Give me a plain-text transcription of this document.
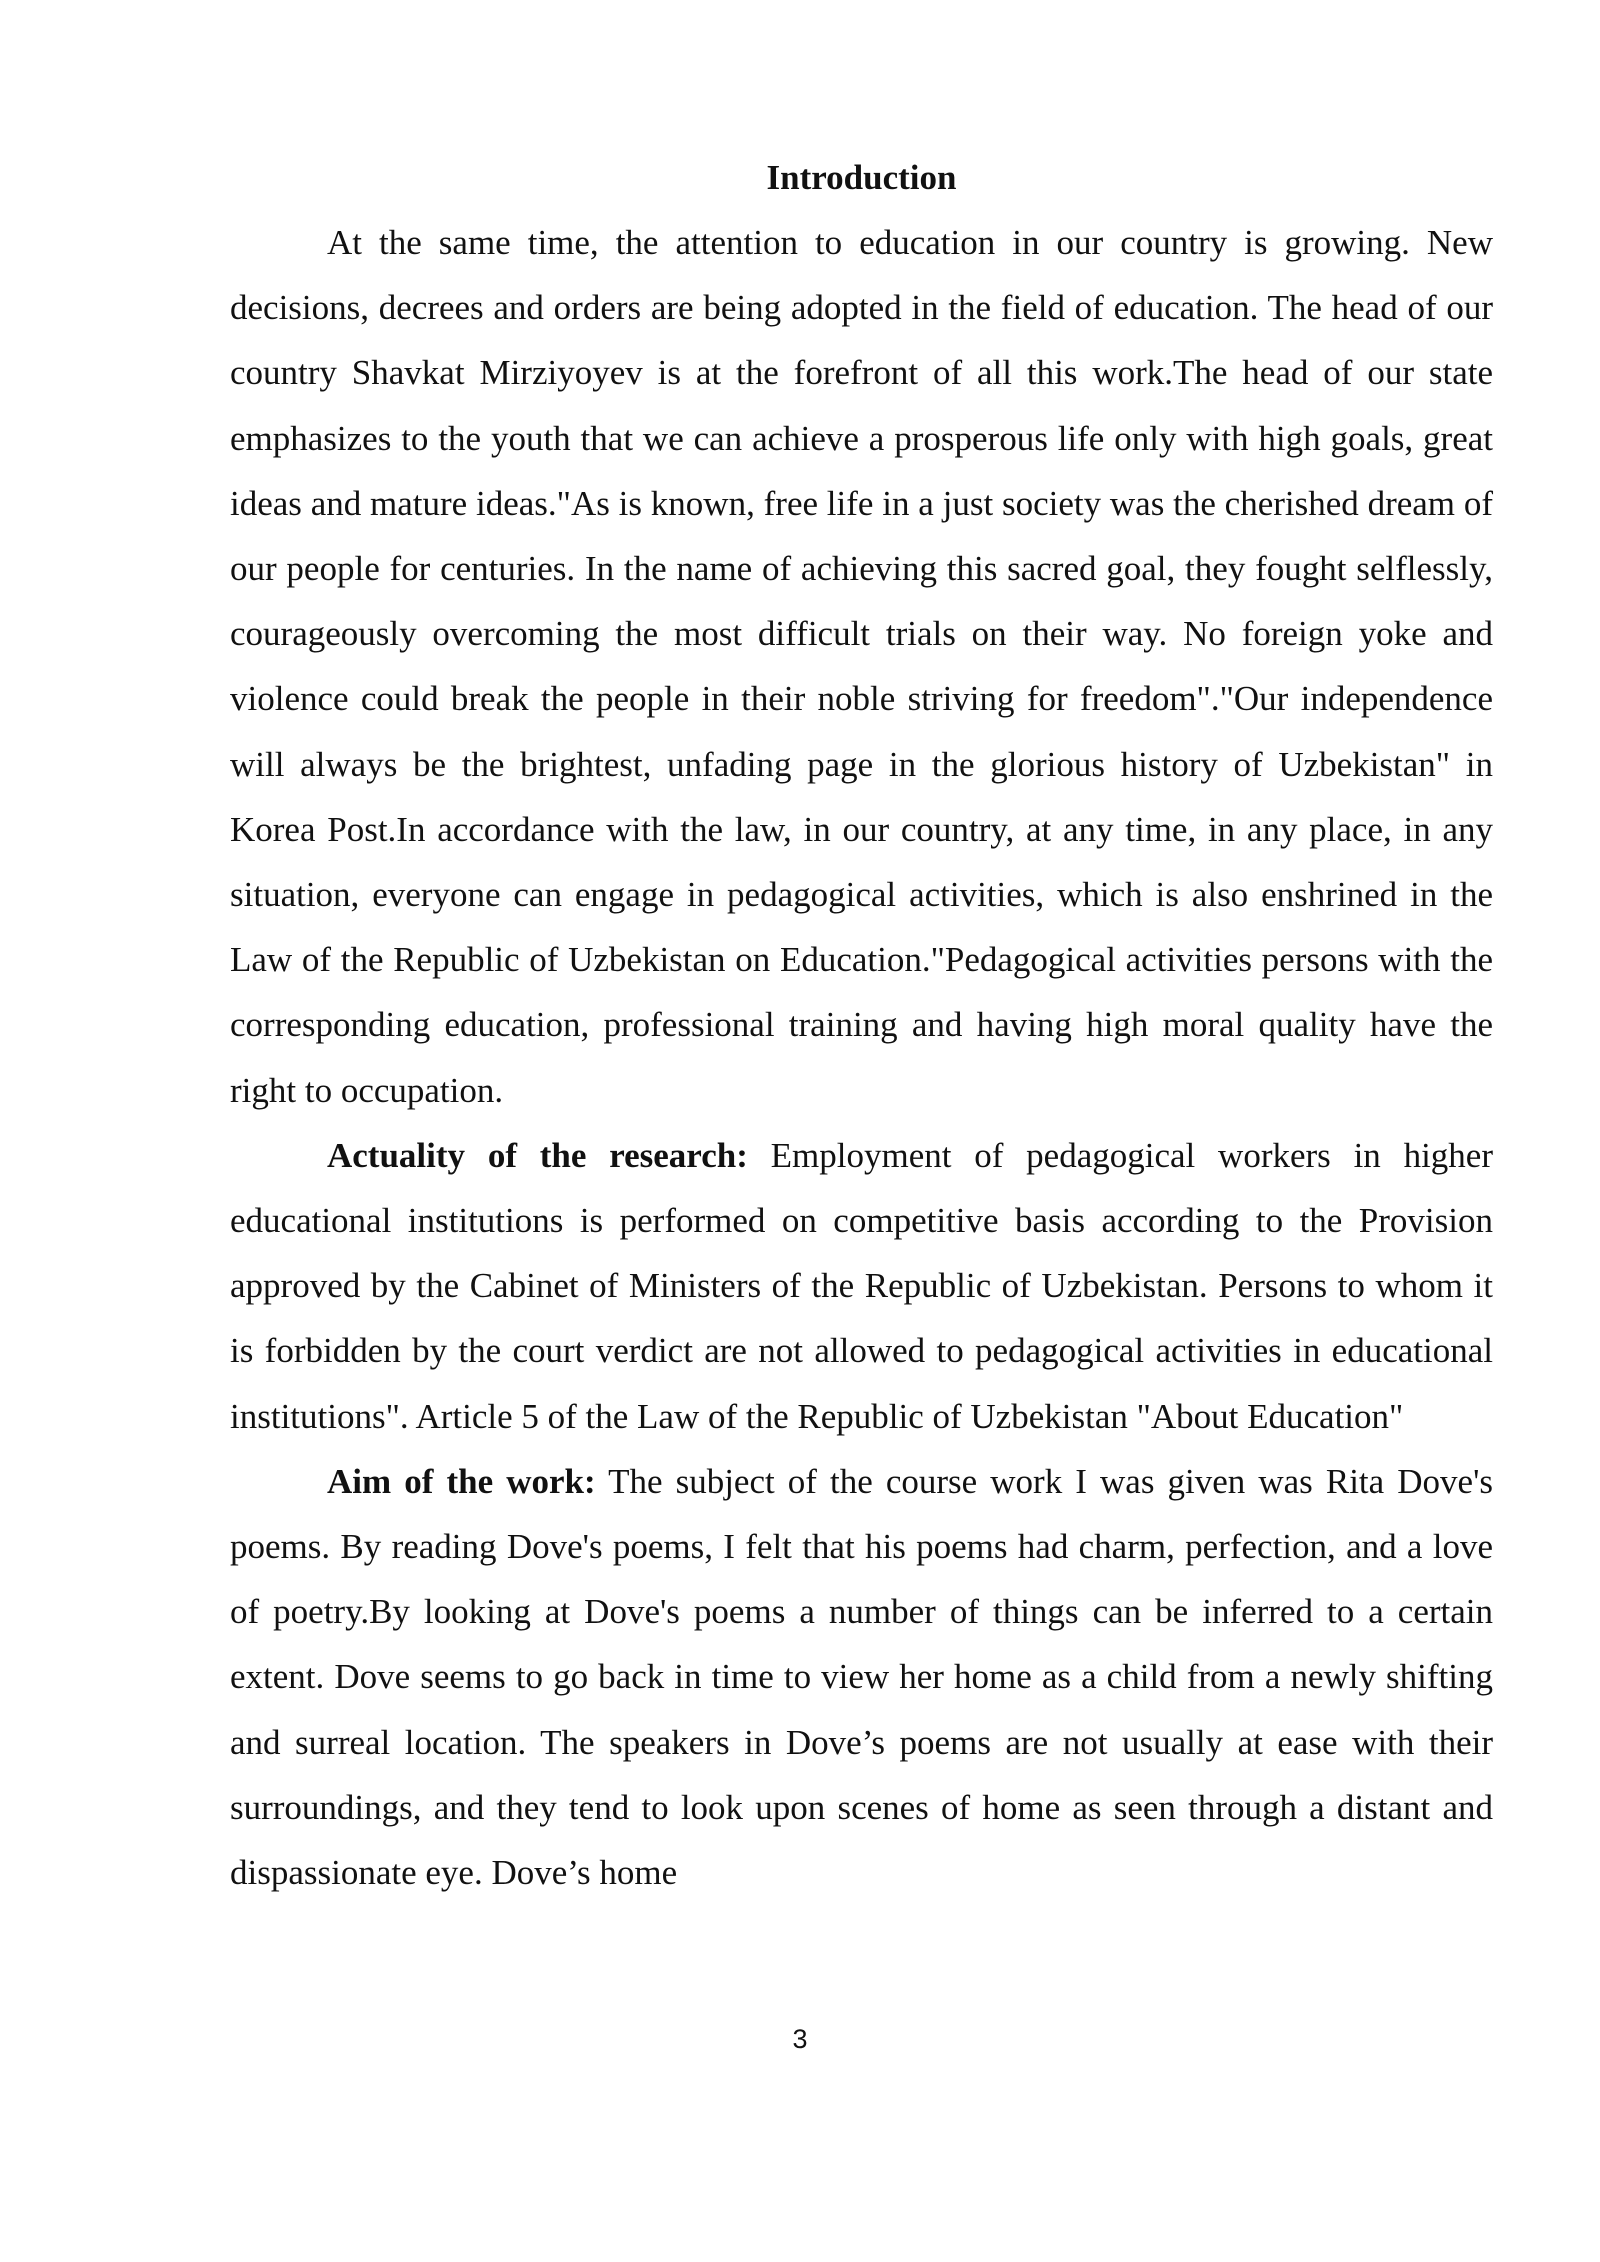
Introduction

At the same time, the attention to education in our country is growing. New decisions, decrees and orders are being adopted in the field of education. The head of our country Shavkat Mirziyoyev is at the forefront of all this work.The head of our state emphasizes to the youth that we can achieve a prosperous life only with high goals, great ideas and mature ideas."As is known, free life in a just society was the cherished dream of our people for centuries. In the name of achieving this sacred goal, they fought selflessly, courageously overcoming the most difficult trials on their way. No foreign yoke and violence could break the people in their noble striving for freedom"."Our independence will always be the brightest, unfading page in the glorious history of Uzbekistan" in Korea Post.In accordance with the law, in our country, at any time, in any place, in any situation, everyone can engage in pedagogical activities, which is also enshrined in the Law of the Republic of Uzbekistan on Education."Pedagogical activities persons with the corresponding education, professional training and having high moral quality have the right to occupation.

Actuality of the research: Employment of pedagogical workers in higher educational institutions is performed on competitive basis according to the Provision approved by the Cabinet of Ministers of the Republic of Uzbekistan. Persons to whom it is forbidden by the court verdict are not allowed to pedagogical activities in educational institutions". Article 5 of the Law of the Republic of Uzbekistan "About Education"

Aim of the work: The subject of the course work I was given was Rita Dove's poems. By reading Dove's poems, I felt that his poems had charm, perfection, and a love of poetry.By looking at Dove's poems a number of things can be inferred to a certain extent. Dove seems to go back in time to view her home as a child from a newly shifting and surreal location. The speakers in Dove’s poems are not usually at ease with their surroundings, and they tend to look upon scenes of home as seen through a distant and dispassionate eye. Dove’s home

3
